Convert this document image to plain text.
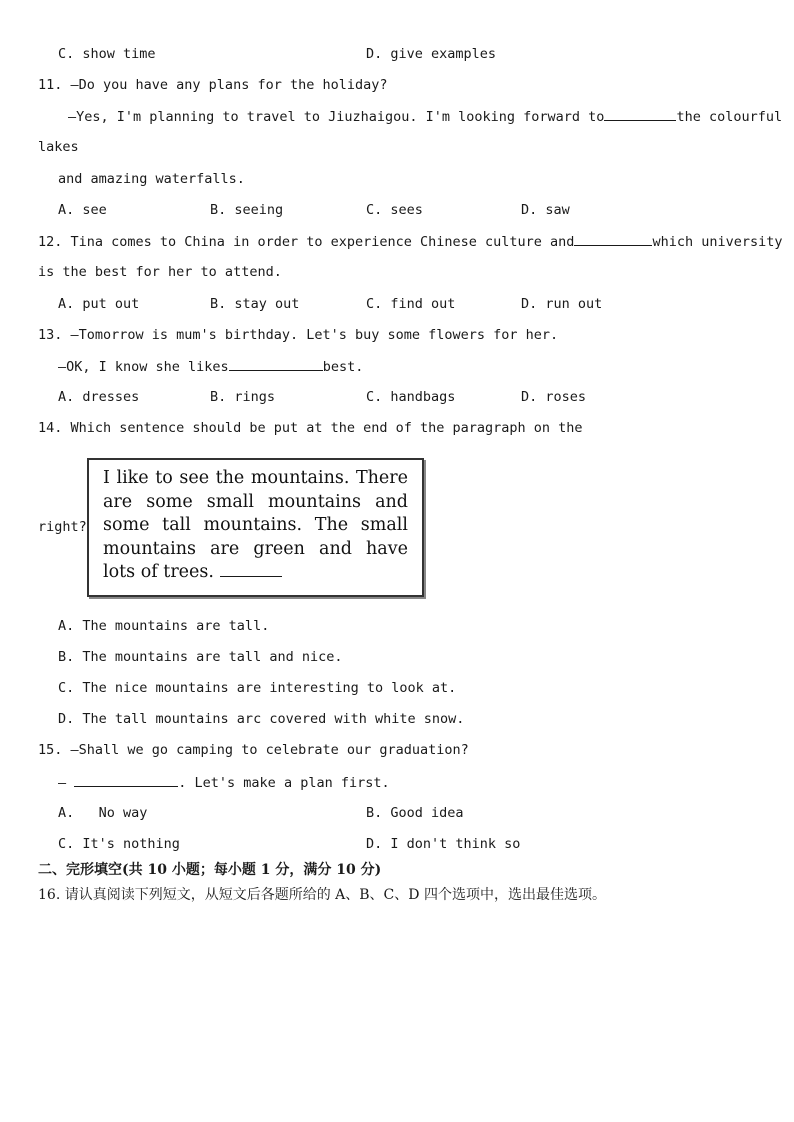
C. show time	D. give examples
11. —Do you have any plans for the holiday?
—Yes, I'm planning to travel to Jiuzhaigou. I'm looking forward to	the colourful
lakes
and amazing waterfalls.
A. see	B. seeing	C. sees	D. saw
12. Tina comes to China in order to experience Chinese culture and	which university
is the best for her to attend.
A. put out	B. stay out	C. find out	D. run out
13. —Tomorrow is mum's birthday. Let's buy some flowers for her.
—OK, I know she likes	best.
A. dresses	B. rings	C. handbags	D. roses
14. Which sentence should be put at the end of the paragraph on the
right?
I like to see the mountains. There are some small mountains and some tall mountains. The small mountains are green and have lots of trees.
A. The mountains are tall.
B. The mountains are tall and nice.
C. The nice mountains are interesting to look at.
D. The tall mountains arc covered with white snow.
15. —Shall we go camping to celebrate our graduation?
—	. Let's make a plan first.
A.   No way	B. Good idea
C. It's nothing	D. I don't think so
二、完形填空(共 10 小题；每小题 1 分，满分 10 分)
16. 请认真阅读下列短文，从短文后各题所给的 A、B、C、D 四个选项中，选出最佳选项。
